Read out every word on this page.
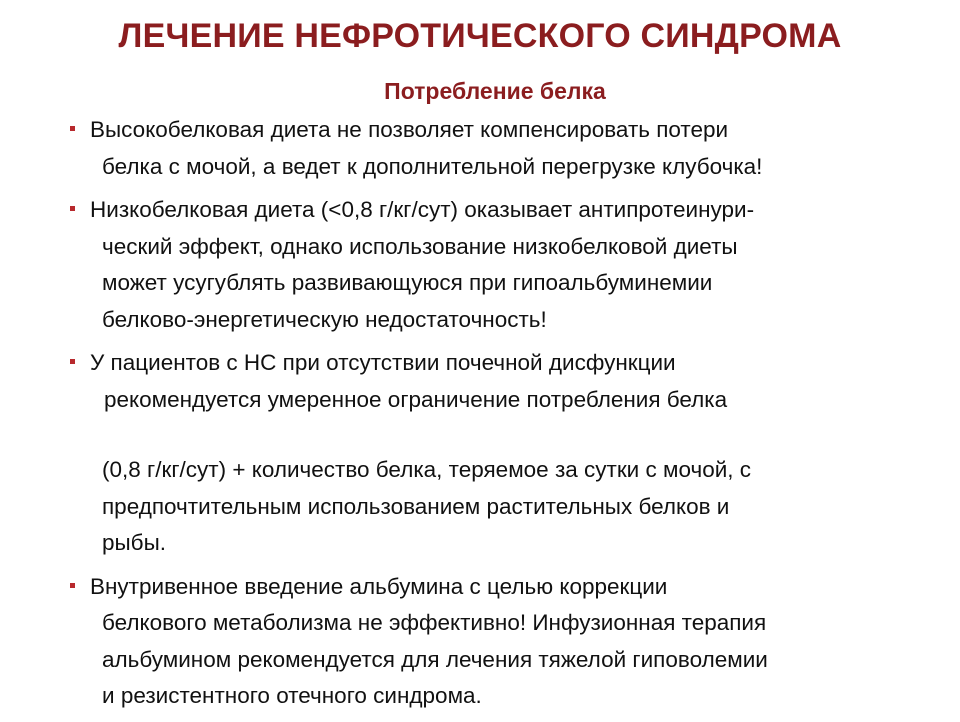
ЛЕЧЕНИЕ НЕФРОТИЧЕСКОГО СИНДРОМА
Потребление белка
Высокобелковая диета не позволяет компенсировать потери
белка с мочой, а ведет к дополнительной перегрузке клубочка!
Низкобелковая диета (<0,8 г/кг/сут) оказывает антипротеинури-
ческий эффект, однако использование низкобелковой диеты
может усугублять развивающуюся при гипоальбуминемии
белково-энергетическую недостаточность!
У пациентов с НС при отсутствии почечной дисфункции
рекомендуется умеренное ограничение потребления белка
(0,8 г/кг/сут) + количество белка, теряемое за сутки с мочой, с
предпочтительным использованием растительных белков и
рыбы.
Внутривенное введение альбумина с целью коррекции
белкового метаболизма не эффективно! Инфузионная терапия
альбумином рекомендуется для лечения тяжелой гиповолемии
и резистентного отечного синдрома.
